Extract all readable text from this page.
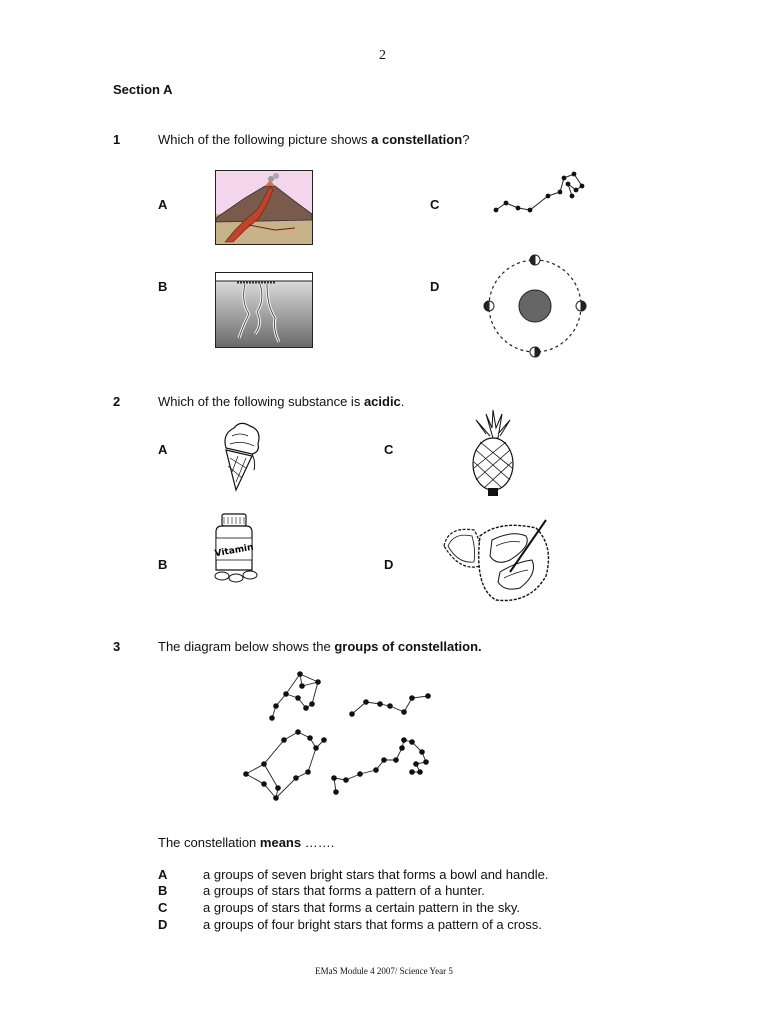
2
Section A
1	Which of the following picture shows a constellation?
A
B
C
D
2	Which of the following substance is acidic.
A
B
C
D
Vitamin
3	The diagram below shows the groups of constellation.
The constellation means …….
A	a groups of seven bright stars that forms a bowl and handle.
B	a groups of stars that forms a pattern of a hunter.
C	a groups of stars that forms a certain pattern in the sky.
D	a groups of four bright stars that forms a pattern of a cross.
EMaS Module 4 2007/ Science Year 5
